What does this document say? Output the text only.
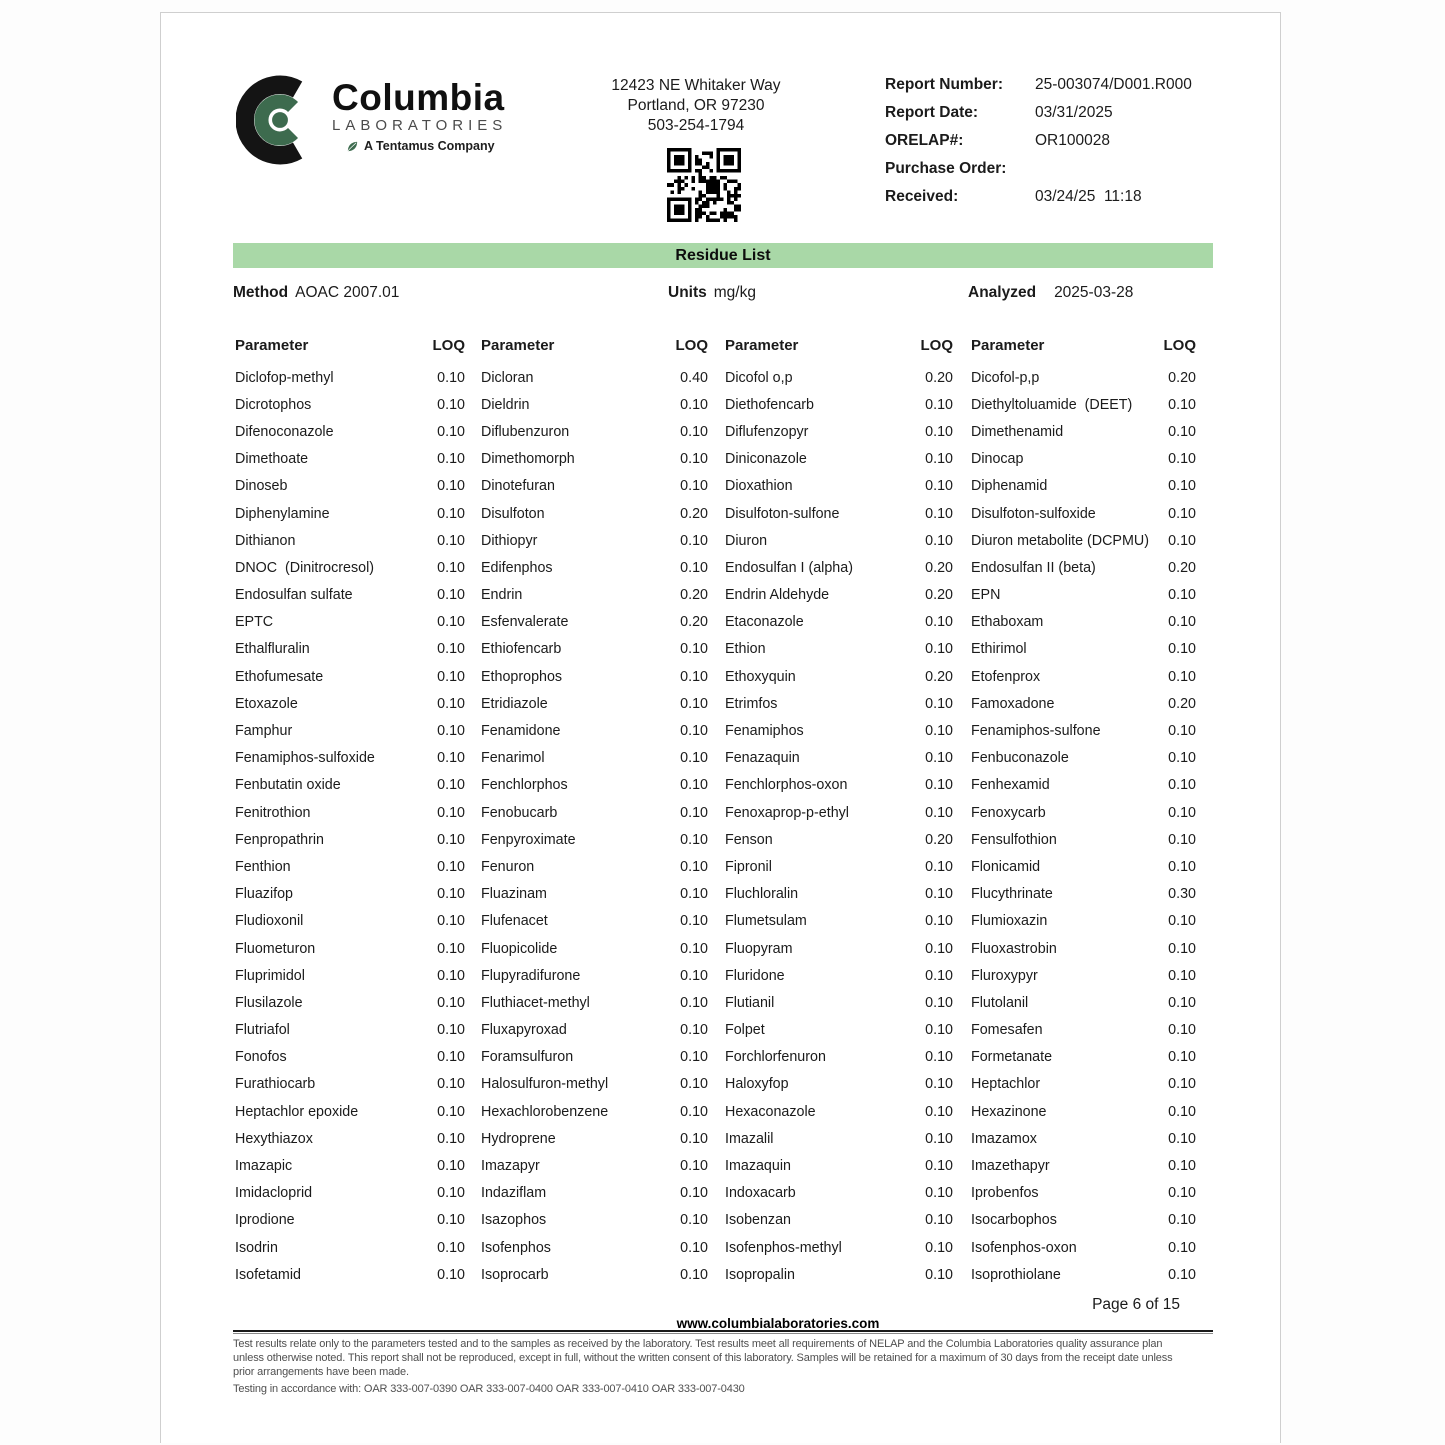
Columbia
LABORATORIES
A Tentamus Company
12423 NE Whitaker Way
Portland, OR 97230
503-254-1794
Report Number:	25-003074/D001.R000
Report Date:	03/31/2025
ORELAP#:	OR100028
Purchase Order:
Received:	03/24/25  11:18
Residue List
Method AOAC 2007.01	Units mg/kg	Analyzed 2025-03-28
Parameter	LOQ
Diclofop-methyl	0.10
Dicrotophos	0.10
Difenoconazole	0.10
Dimethoate	0.10
Dinoseb	0.10
Diphenylamine	0.10
Dithianon	0.10
DNOC  (Dinitrocresol)	0.10
Endosulfan sulfate	0.10
EPTC	0.10
Ethalfluralin	0.10
Ethofumesate	0.10
Etoxazole	0.10
Famphur	0.10
Fenamiphos-sulfoxide	0.10
Fenbutatin oxide	0.10
Fenitrothion	0.10
Fenpropathrin	0.10
Fenthion	0.10
Fluazifop	0.10
Fludioxonil	0.10
Fluometuron	0.10
Fluprimidol	0.10
Flusilazole	0.10
Flutriafol	0.10
Fonofos	0.10
Furathiocarb	0.10
Heptachlor epoxide	0.10
Hexythiazox	0.10
Imazapic	0.10
Imidacloprid	0.10
Iprodione	0.10
Isodrin	0.10
Isofetamid	0.10
Parameter	LOQ
Dicloran	0.40
Dieldrin	0.10
Diflubenzuron	0.10
Dimethomorph	0.10
Dinotefuran	0.10
Disulfoton	0.20
Dithiopyr	0.10
Edifenphos	0.10
Endrin	0.20
Esfenvalerate	0.20
Ethiofencarb	0.10
Ethoprophos	0.10
Etridiazole	0.10
Fenamidone	0.10
Fenarimol	0.10
Fenchlorphos	0.10
Fenobucarb	0.10
Fenpyroximate	0.10
Fenuron	0.10
Fluazinam	0.10
Flufenacet	0.10
Fluopicolide	0.10
Flupyradifurone	0.10
Fluthiacet-methyl	0.10
Fluxapyroxad	0.10
Foramsulfuron	0.10
Halosulfuron-methyl	0.10
Hexachlorobenzene	0.10
Hydroprene	0.10
Imazapyr	0.10
Indaziflam	0.10
Isazophos	0.10
Isofenphos	0.10
Isoprocarb	0.10
Parameter	LOQ
Dicofol o,p	0.20
Diethofencarb	0.10
Diflufenzopyr	0.10
Diniconazole	0.10
Dioxathion	0.10
Disulfoton-sulfone	0.10
Diuron	0.10
Endosulfan I (alpha)	0.20
Endrin Aldehyde	0.20
Etaconazole	0.10
Ethion	0.10
Ethoxyquin	0.20
Etrimfos	0.10
Fenamiphos	0.10
Fenazaquin	0.10
Fenchlorphos-oxon	0.10
Fenoxaprop-p-ethyl	0.10
Fenson	0.20
Fipronil	0.10
Fluchloralin	0.10
Flumetsulam	0.10
Fluopyram	0.10
Fluridone	0.10
Flutianil	0.10
Folpet	0.10
Forchlorfenuron	0.10
Haloxyfop	0.10
Hexaconazole	0.10
Imazalil	0.10
Imazaquin	0.10
Indoxacarb	0.10
Isobenzan	0.10
Isofenphos-methyl	0.10
Isopropalin	0.10
Parameter	LOQ
Dicofol-p,p	0.20
Diethyltoluamide  (DEET)	0.10
Dimethenamid	0.10
Dinocap	0.10
Diphenamid	0.10
Disulfoton-sulfoxide	0.10
Diuron metabolite (DCPMU) 0.10
Endosulfan II (beta)	0.20
EPN	0.10
Ethaboxam	0.10
Ethirimol	0.10
Etofenprox	0.10
Famoxadone	0.20
Fenamiphos-sulfone	0.10
Fenbuconazole	0.10
Fenhexamid	0.10
Fenoxycarb	0.10
Fensulfothion	0.10
Flonicamid	0.10
Flucythrinate	0.30
Flumioxazin	0.10
Fluoxastrobin	0.10
Fluroxypyr	0.10
Flutolanil	0.10
Fomesafen	0.10
Formetanate	0.10
Heptachlor	0.10
Hexazinone	0.10
Imazamox	0.10
Imazethapyr	0.10
Iprobenfos	0.10
Isocarbophos	0.10
Isofenphos-oxon	0.10
Isoprothiolane	0.10
Page 6 of 15
www.columbialaboratories.com
Test results relate only to the parameters tested and to the samples as received by the laboratory. Test results meet all requirements of NELAP and the Columbia Laboratories quality assurance plan
unless otherwise noted. This report shall not be reproduced, except in full, without the written consent of this laboratory. Samples will be retained for a maximum of 30 days from the receipt date unless
prior arrangements have been made.
Testing in accordance with: OAR 333-007-0390 OAR 333-007-0400 OAR 333-007-0410 OAR 333-007-0430
